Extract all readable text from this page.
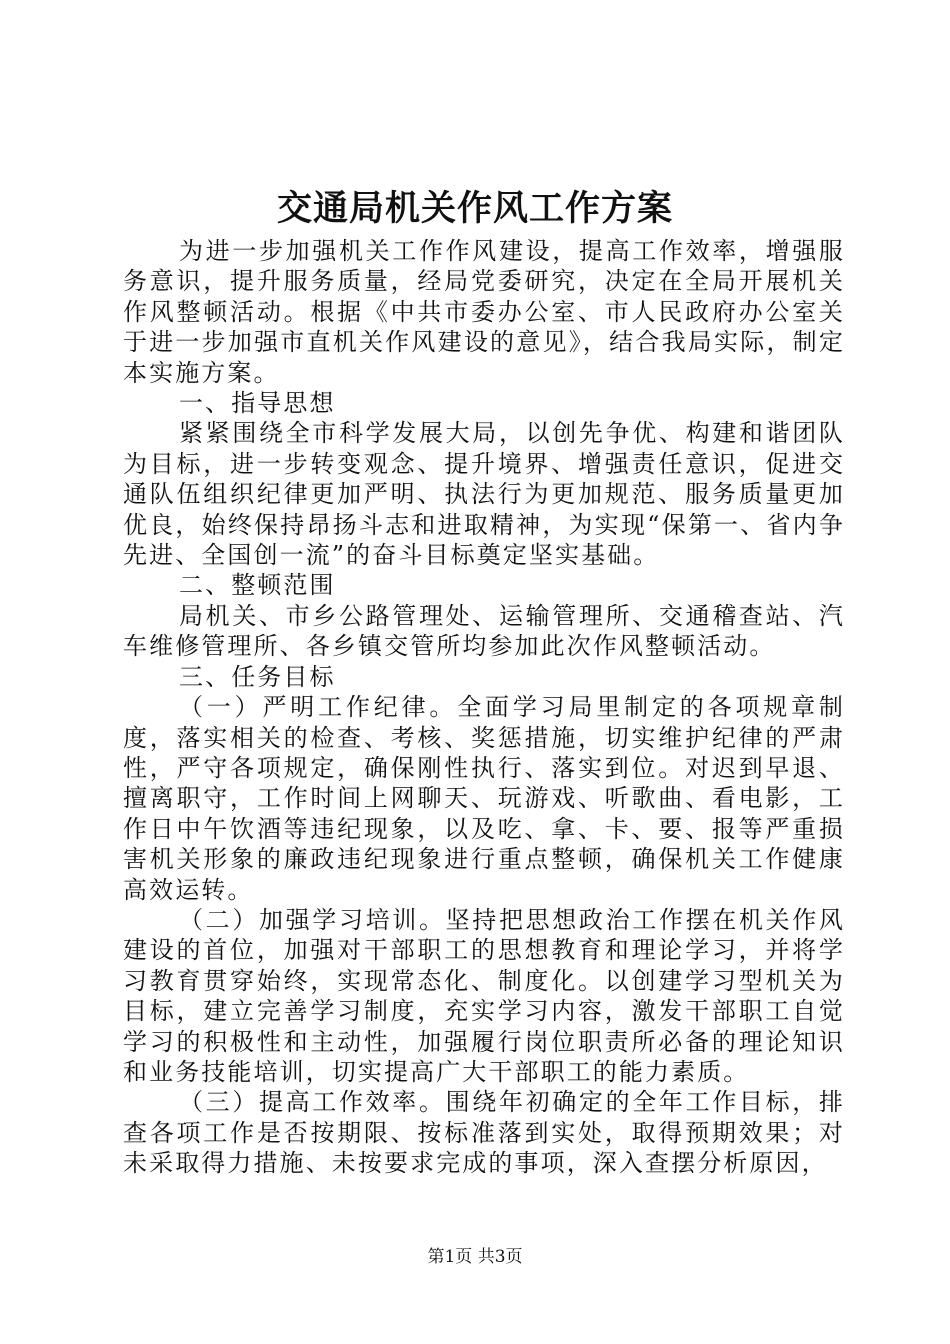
交通局机关作风工作方案

为进一步加强机关工作作风建设，提高工作效率，增强服务意识，提升服务质量，经局党委研究，决定在全局开展机关作风整顿活动。根据《中共市委办公室、市人民政府办公室关于进一步加强市直机关作风建设的意见》，结合我局实际，制定本实施方案。

一、指导思想

紧紧围绕全市科学发展大局，以创先争优、构建和谐团队为目标，进一步转变观念、提升境界、增强责任意识，促进交通队伍组织纪律更加严明、执法行为更加规范、服务质量更加优良，始终保持昂扬斗志和进取精神，为实现“保第一、省内争先进、全国创一流”的奋斗目标奠定坚实基础。

二、整顿范围

局机关、市乡公路管理处、运输管理所、交通稽查站、汽车维修管理所、各乡镇交管所均参加此次作风整顿活动。

三、任务目标

（一）严明工作纪律。全面学习局里制定的各项规章制度，落实相关的检查、考核、奖惩措施，切实维护纪律的严肃性，严守各项规定，确保刚性执行、落实到位。对迟到早退、擅离职守，工作时间上网聊天、玩游戏、听歌曲、看电影，工作日中午饮酒等违纪现象，以及吃、拿、卡、要、报等严重损害机关形象的廉政违纪现象进行重点整顿，确保机关工作健康高效运转。

（二）加强学习培训。坚持把思想政治工作摆在机关作风建设的首位，加强对干部职工的思想教育和理论学习，并将学习教育贯穿始终，实现常态化、制度化。以创建学习型机关为目标，建立完善学习制度，充实学习内容，激发干部职工自觉学习的积极性和主动性，加强履行岗位职责所必备的理论知识和业务技能培训，切实提高广大干部职工的能力素质。

（三）提高工作效率。围绕年初确定的全年工作目标，排查各项工作是否按期限、按标准落到实处，取得预期效果；对未采取得力措施、未按要求完成的事项，深入查摆分析原因，

第1页 共3页
